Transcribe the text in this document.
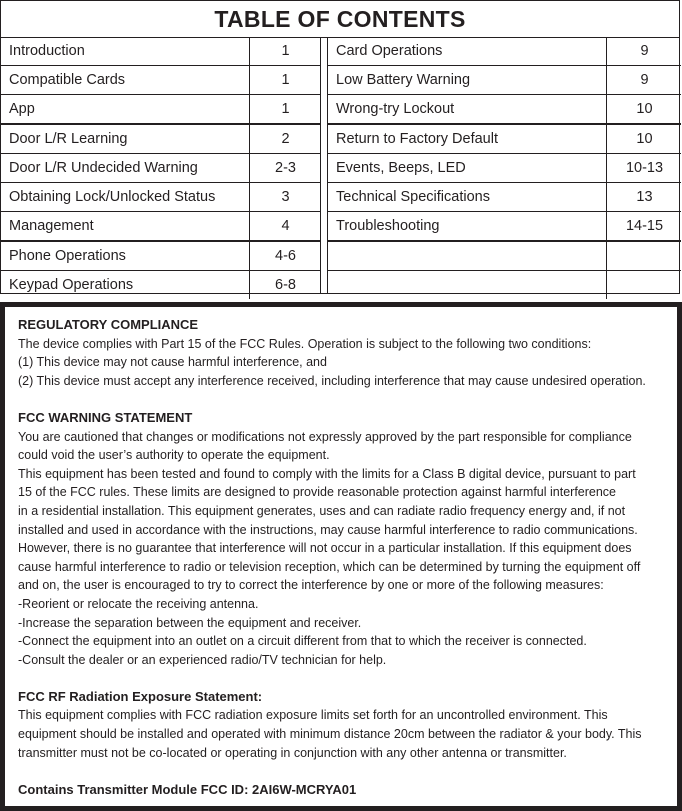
TABLE OF CONTENTS
Introduction	1
Compatible Cards	1
App	1
Door L/R Learning	2
Door L/R Undecided Warning	2-3
Obtaining Lock/Unlocked Status	3
Management	4
Phone Operations	4-6
Keypad Operations	6-8
Card Operations	9
Low Battery Warning	9
Wrong-try Lockout	10
Return to Factory Default	10
Events, Beeps, LED	10-13
Technical Specifications	13
Troubleshooting	14-15

REGULATORY COMPLIANCE

The device complies with Part 15 of the FCC Rules. Operation is subject to the following two conditions:

(1) This device may not cause harmful interference, and

(2) This device must accept any interference received, including interference that may cause undesired operation.

FCC WARNING STATEMENT

You are cautioned that changes or modifications not expressly approved by the part responsible for compliance

could void the user’s authority to operate the equipment.

This equipment has been tested and found to comply with the limits for a Class B digital device, pursuant to part

15 of the FCC rules. These limits are designed to provide reasonable protection against harmful interference

in a residential installation. This equipment generates, uses and can radiate radio frequency energy and, if not

installed and used in accordance with the instructions, may cause harmful interference to radio communications.

However, there is no guarantee that interference will not occur in a particular installation. If this equipment does

cause harmful interference to radio or television reception, which can be determined by turning the equipment off

and on, the user is encouraged to try to correct the interference by one or more of the following measures:

-Reorient or relocate the receiving antenna.

-Increase the separation between the equipment and receiver.

-Connect the equipment into an outlet on a circuit different from that to which the receiver is connected.

-Consult the dealer or an experienced radio/TV technician for help.

FCC RF Radiation Exposure Statement:

This equipment complies with FCC radiation exposure limits set forth for an uncontrolled environment. This

equipment should be installed and operated with minimum distance 20cm between the radiator & your body. This

transmitter must not be co-located or operating in conjunction with any other antenna or transmitter.

Contains Transmitter Module FCC ID: 2AI6W-MCRYA01
